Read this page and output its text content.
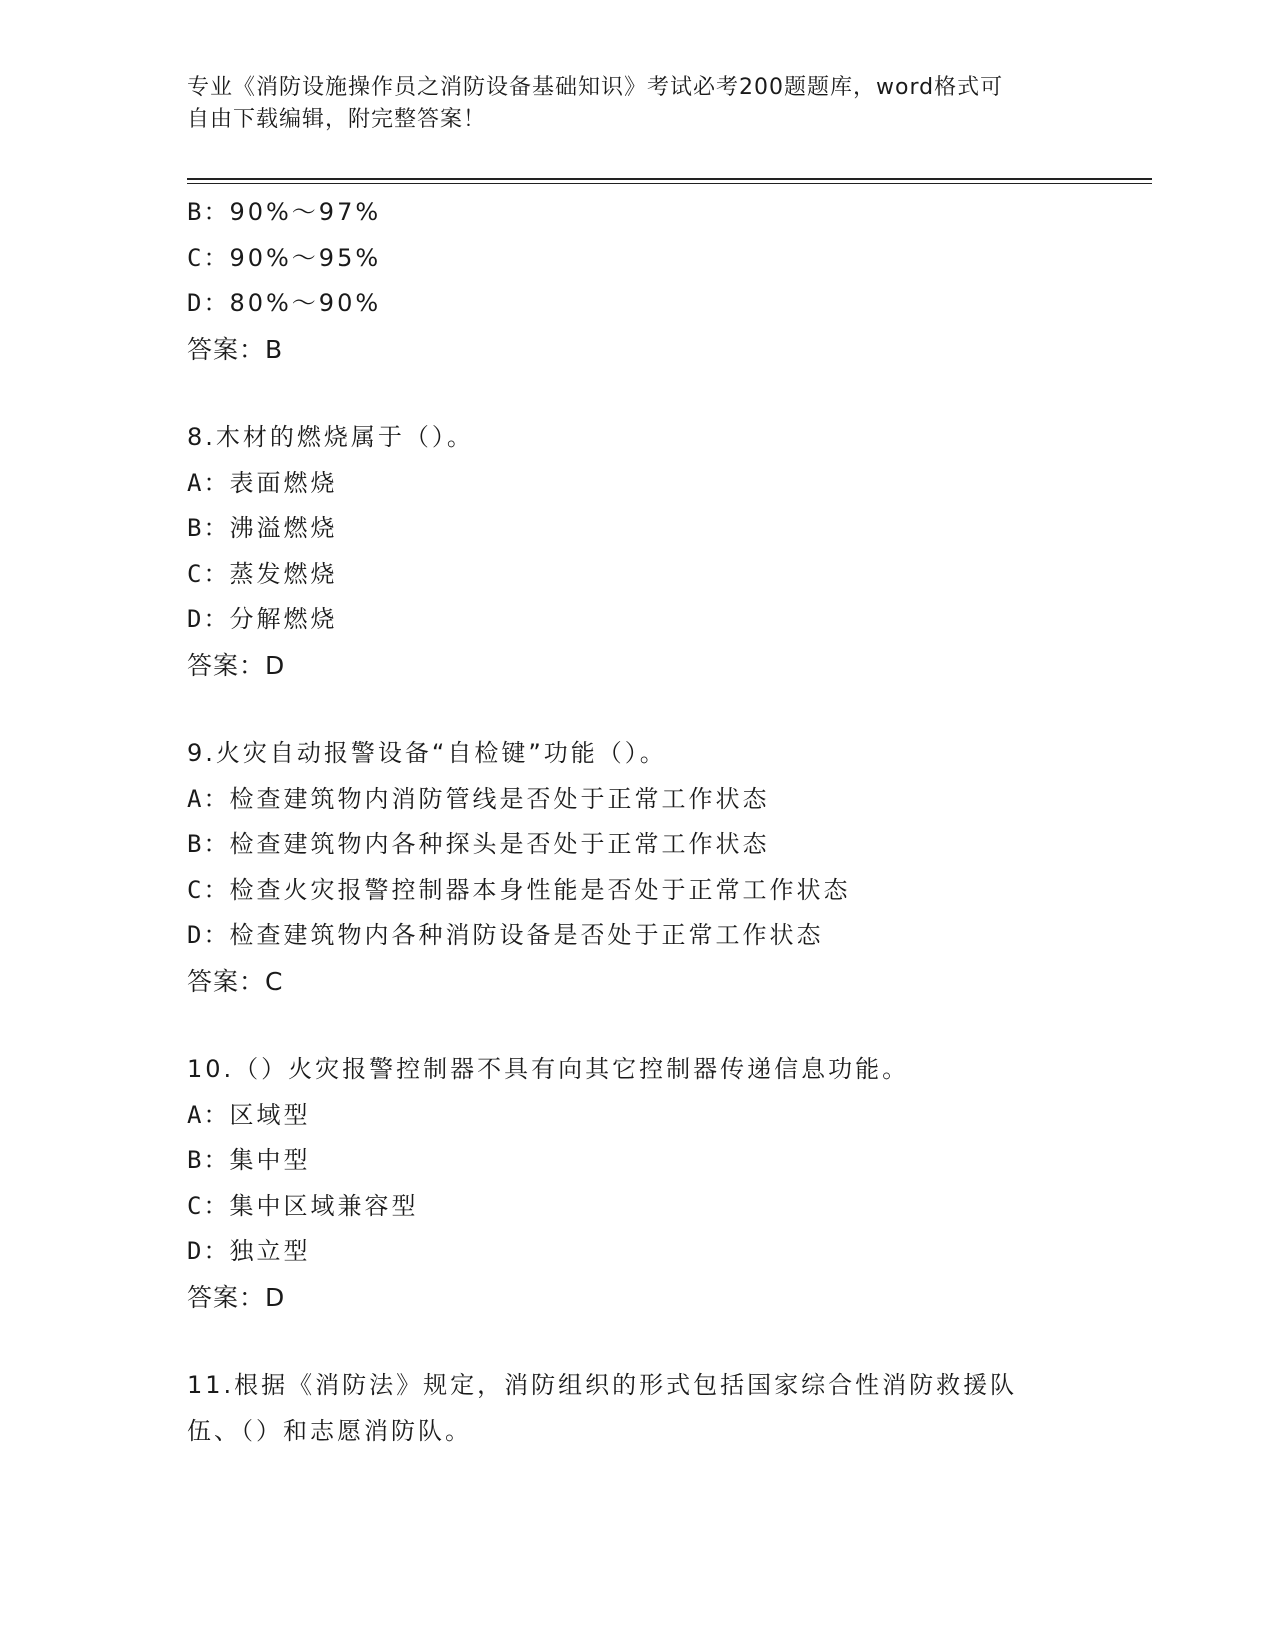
专业《消防设施操作员之消防设备基础知识》考试必考200题题库，word格式可
自由下载编辑，附完整答案！
B：90%～97%
C：90%～95%
D：80%～90%
答案：B
8.木材的燃烧属于（）。
A：表面燃烧
B：沸溢燃烧
C：蒸发燃烧
D：分解燃烧
答案：D
9.火灾自动报警设备“自检键”功能（）。
A：检查建筑物内消防管线是否处于正常工作状态
B：检查建筑物内各种探头是否处于正常工作状态
C：检查火灾报警控制器本身性能是否处于正常工作状态
D：检查建筑物内各种消防设备是否处于正常工作状态
答案：C
10.（）火灾报警控制器不具有向其它控制器传递信息功能。
A：区域型
B：集中型
C：集中区域兼容型
D：独立型
答案：D
11.根据《消防法》规定，消防组织的形式包括国家综合性消防救援队
伍、（）和志愿消防队。
